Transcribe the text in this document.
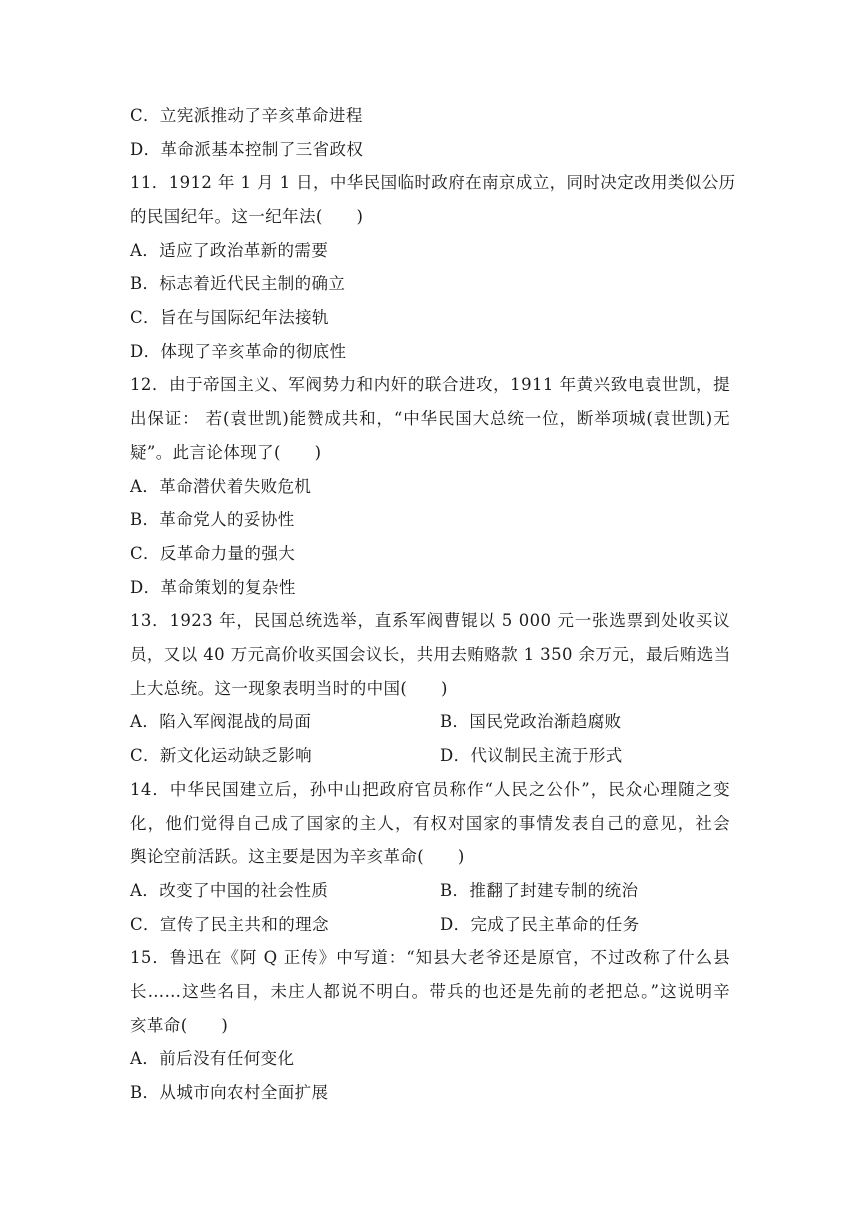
C．立宪派推动了辛亥革命进程
D．革命派基本控制了三省政权
11．1912 年 1 月 1 日，中华民国临时政府在南京成立，同时决定改用类似公历
的民国纪年。这一纪年法(　　)
A．适应了政治革新的需要
B．标志着近代民主制的确立
C．旨在与国际纪年法接轨
D．体现了辛亥革命的彻底性
12．由于帝国主义、军阀势力和内奸的联合进攻，1911 年黄兴致电袁世凯，提
出保证： 若(袁世凯)能赞成共和，“中华民国大总统一位，断举项城(袁世凯)无
疑”。此言论体现了(　　)
A．革命潜伏着失败危机
B．革命党人的妥协性
C．反革命力量的强大
D．革命策划的复杂性
13．1923 年，民国总统选举，直系军阀曹锟以 5 000 元一张选票到处收买议
员，又以 40 万元高价收买国会议长，共用去贿赂款 1 350 余万元，最后贿选当
上大总统。这一现象表明当时的中国(　　)
A．陷入军阀混战的局面	B．国民党政治渐趋腐败
C．新文化运动缺乏影响	D．代议制民主流于形式
14．中华民国建立后，孙中山把政府官员称作“人民之公仆”，民众心理随之变
化，他们觉得自己成了国家的主人，有权对国家的事情发表自己的意见，社会
舆论空前活跃。这主要是因为辛亥革命(　　)
A．改变了中国的社会性质	B．推翻了封建专制的统治
C．宣传了民主共和的理念	D．完成了民主革命的任务
15．鲁迅在《阿 Q 正传》中写道：“知县大老爷还是原官，不过改称了什么县
长……这些名目，未庄人都说不明白。带兵的也还是先前的老把总。”这说明辛
亥革命(　　)
A．前后没有任何变化
B．从城市向农村全面扩展
